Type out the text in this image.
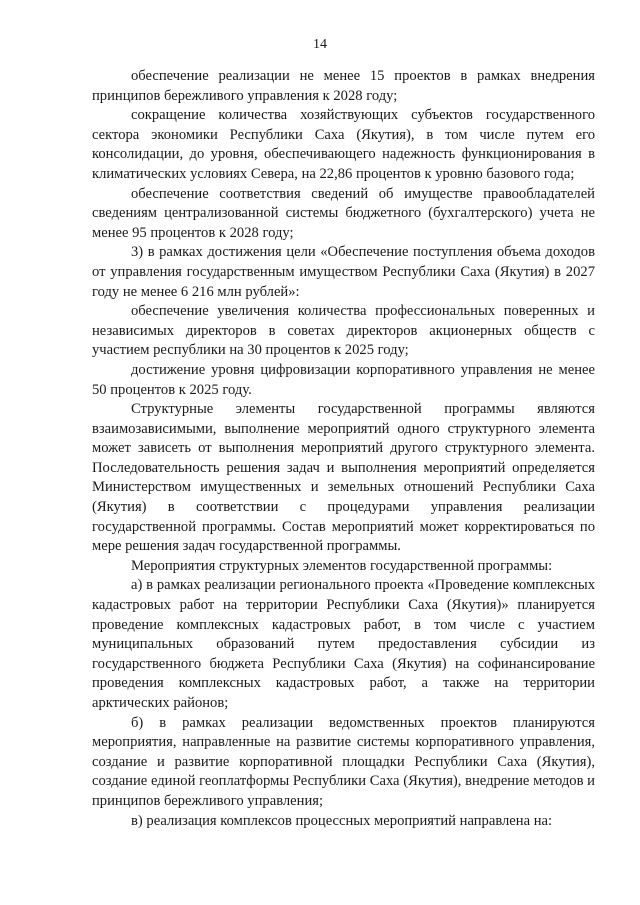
14

обеспечение реализации не менее 15 проектов в рамках внедрения принципов бережливого управления к 2028 году;

сокращение количества хозяйствующих субъектов государственного сектора экономики Республики Саха (Якутия), в том числе путем его консолидации, до уровня, обеспечивающего надежность функционирования в климатических условиях Севера, на 22,86 процентов к уровню базового года;

обеспечение соответствия сведений об имуществе правообладателей сведениям централизованной системы бюджетного (бухгалтерского) учета не менее 95 процентов к 2028 году;

3) в рамках достижения цели «Обеспечение поступления объема доходов от управления государственным имуществом Республики Саха (Якутия) в 2027 году не менее 6 216 млн рублей»:

обеспечение увеличения количества профессиональных поверенных и независимых директоров в советах директоров акционерных обществ с участием республики на 30 процентов к 2025 году;

достижение уровня цифровизации корпоративного управления не менее 50 процентов к 2025 году.

Структурные элементы государственной программы являются взаимозависимыми, выполнение мероприятий одного структурного элемента может зависеть от выполнения мероприятий другого структурного элемента. Последовательность решения задач и выполнения мероприятий определяется Министерством имущественных и земельных отношений Республики Саха (Якутия) в соответствии с процедурами управления реализации государственной программы. Состав мероприятий может корректироваться по мере решения задач государственной программы.

Мероприятия структурных элементов государственной программы:

а) в рамках реализации регионального проекта «Проведение комплексных кадастровых работ на территории Республики Саха (Якутия)» планируется проведение комплексных кадастровых работ, в том числе с участием муниципальных образований путем предоставления субсидии из государственного бюджета Республики Саха (Якутия) на софинансирование проведения комплексных кадастровых работ, а также на территории арктических районов;

б) в рамках реализации ведомственных проектов планируются мероприятия, направленные на развитие системы корпоративного управления, создание и развитие корпоративной площадки Республики Саха (Якутия), создание единой геоплатформы Республики Саха (Якутия), внедрение методов и принципов бережливого управления;

в) реализация комплексов процессных мероприятий направлена на:
